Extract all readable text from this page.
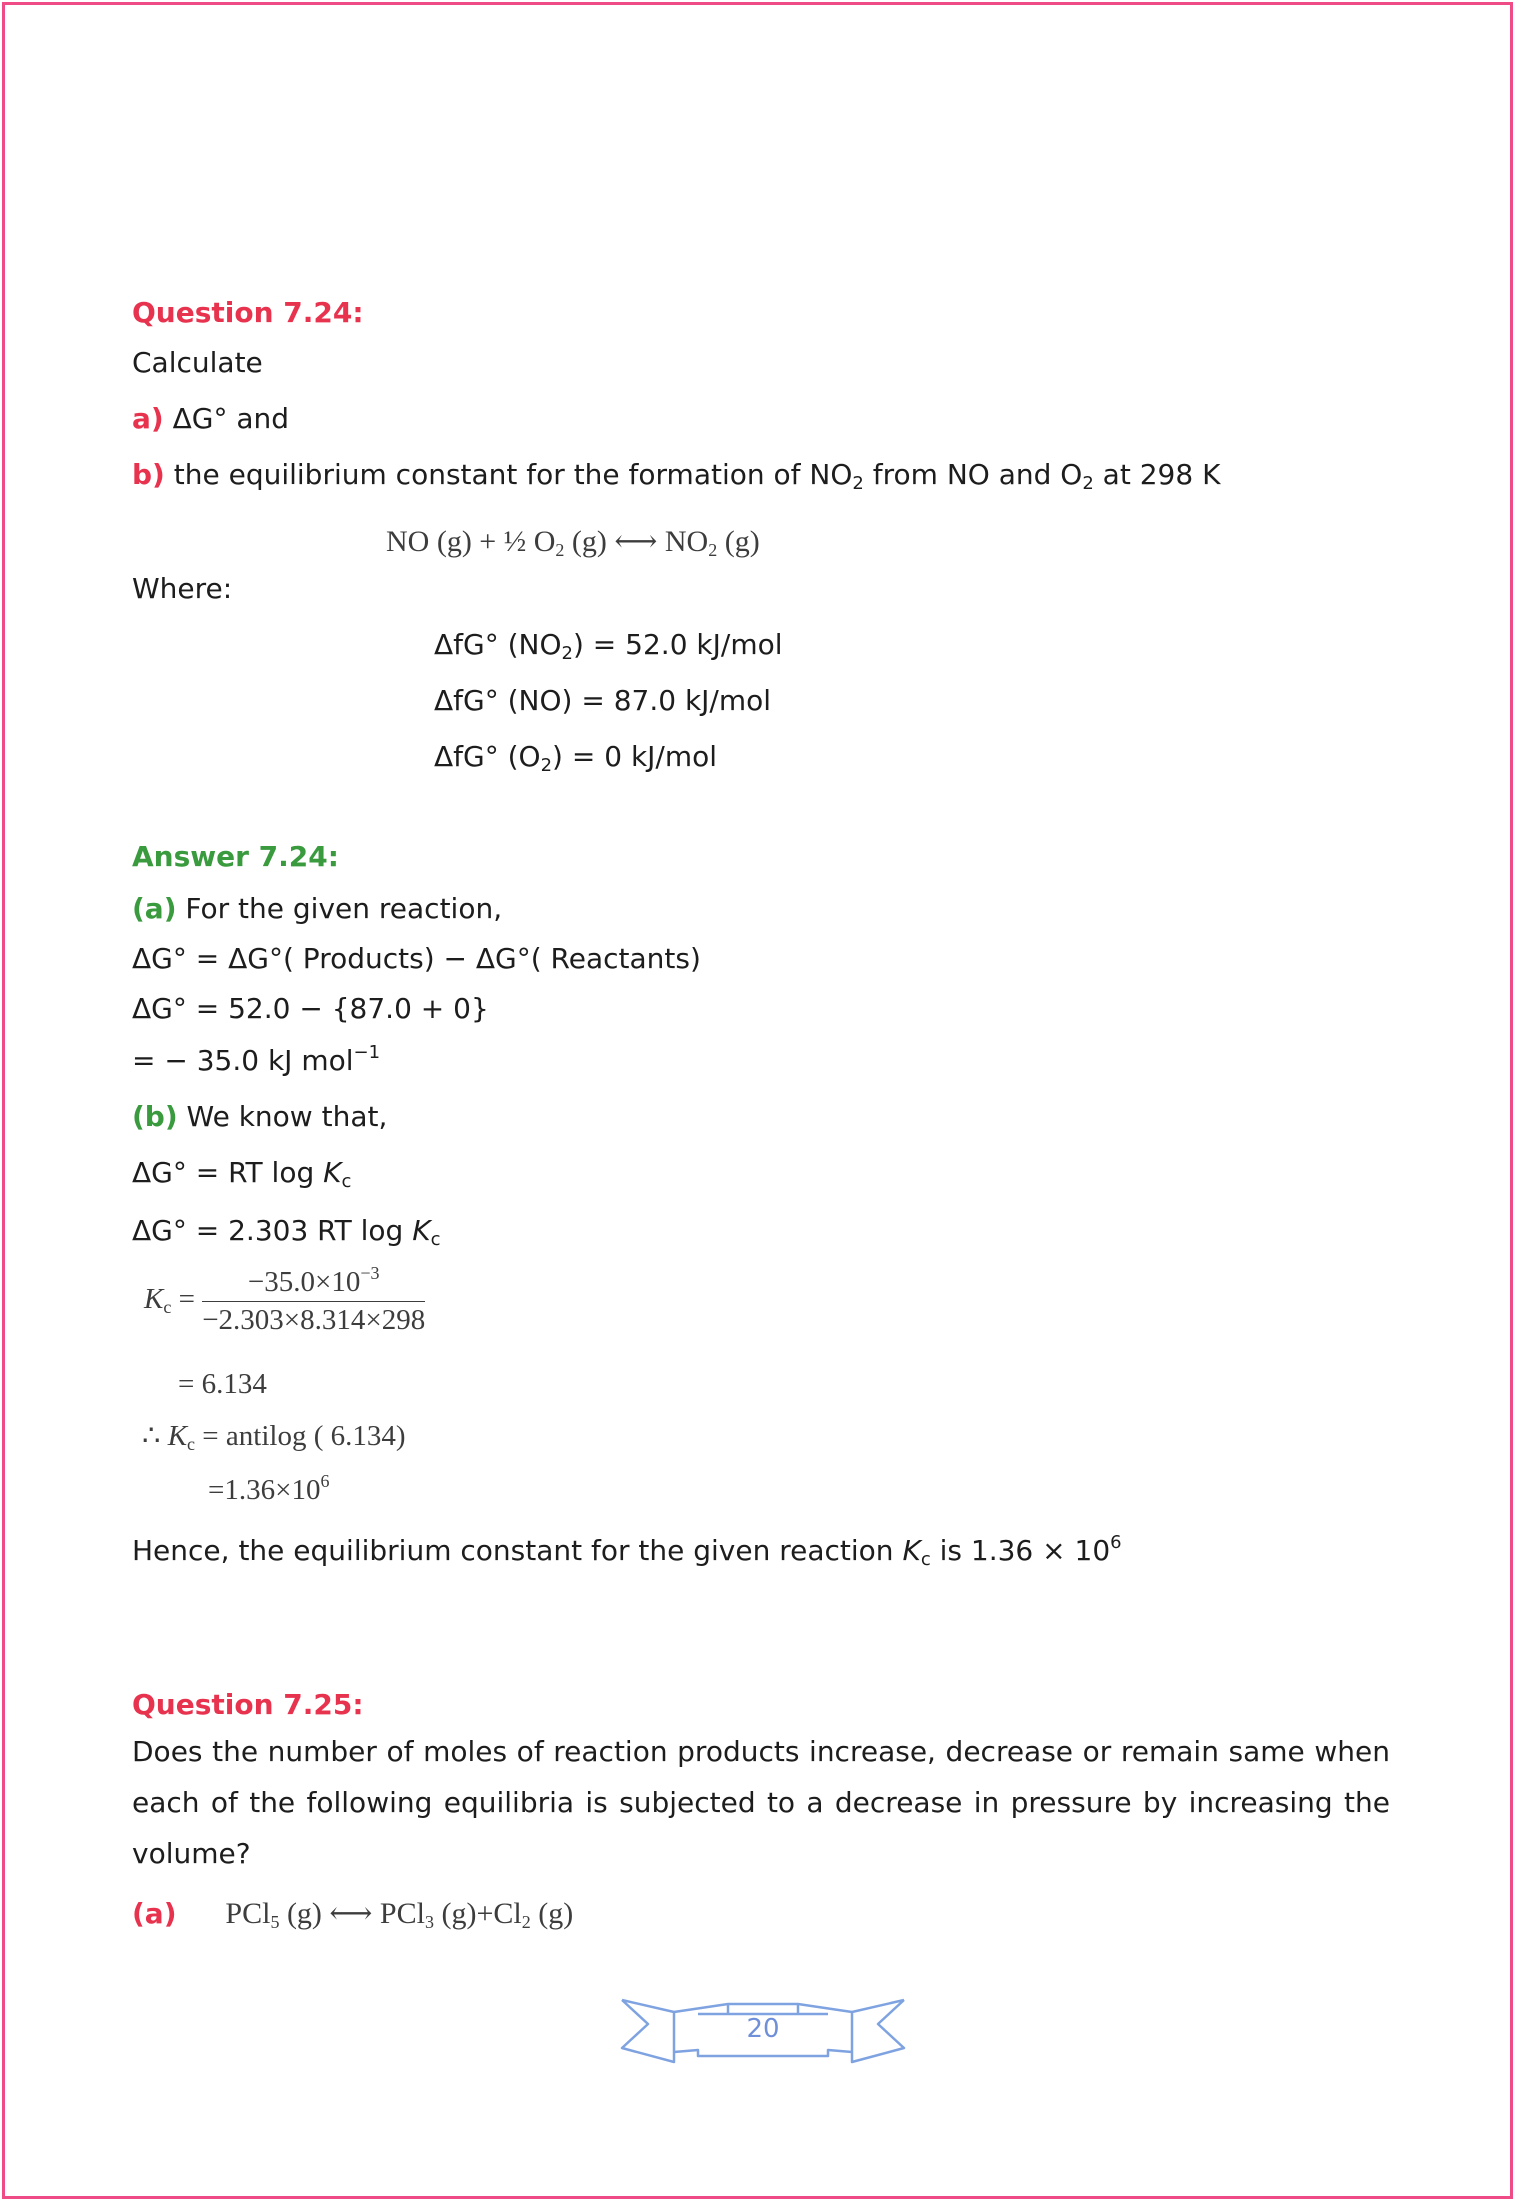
Question 7.24:
Calculate
a) ΔG° and
b) the equilibrium constant for the formation of $NO_2$ from NO and $O_2$ at 298 K
NO (g) + ½ $O_2$ (g) ⟷ $NO_2$ (g)
Where:
ΔfG° $(NO_2) = 52.0$ kJ/mol
ΔfG° (NO) = 87.0 kJ/mol
ΔfG° $(O_2) = 0$ kJ/mol
Answer 7.24:
(a) For the given reaction,
ΔG° = ΔG°( Products) − ΔG°( Reactants)
ΔG° = 52.0 − {87.0 + 0}
= − 35.0 kJ mol$^{-1}$
(b) We know that,
ΔG° = RT $\log K_c$
ΔG° = 2.303 RT $\log K_c$
$K_c = \frac{-35.0\times 10^{-3}}{-2.303\times 8.314\times 298}$
= 6.134
∴ $K_c$ = antilog ( 6.134)
$=1.36\times 10^6$
Hence, the equilibrium constant for the given reaction $K_c$ is $1.36 \times 10^6$
Question 7.25:
Does the number of moles of reaction products increase, decrease or remain same when each of the following equilibria is subjected to a decrease in pressure by increasing the volume?
(a) PCl$_5$ (g) ⟷ PCl$_3$ $(g)+Cl_2$ (g)
20
